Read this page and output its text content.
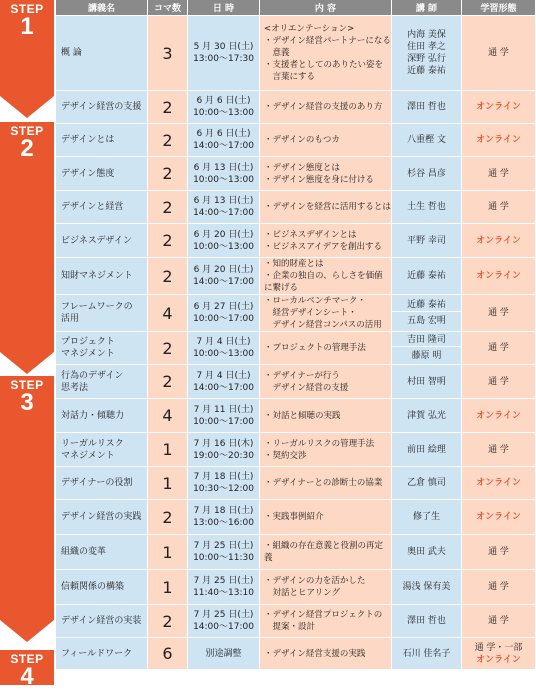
STEP
1
STEP
2
STEP
3
STEP
4
講義名	コマ数	日 時	内 容	講 師	学習形態

概 論	3	5 月 30 日(土)
13:00～17:30	<オリエンテーション>
・デザイン経営パートナーになる
　意義
・支援者としてのありたい姿を
　言葉にする	内海 美保
住田 孝之
深野 弘行
近藤 泰祐	通 学

デザイン経営の支援	2	6 月 6 日(土)
10:00～13:00	・デザイン経営の支援のあり方	澤田 哲也	オンライン

デザインとは	2	6 月 6 日(土)
14:00～17:00	・デザインのもつカ	八重樫 文	オンライン

デザイン態度	2	6 月 13 日(土)
10:00～13:00	・デザイン態度とは
・デザイン態度を身に付ける	杉谷 昌彦	通 学

デザインと経営	2	6 月 13 日(土)
14:00～17:00	・デザインを経営に活用するとは	土生 哲也	通 学

ビジネスデザイン	2	6 月 20 日(土)
10:00～13:00	・ビジネスデザインとは
・ビジネスアイデアを創出する	平野 幸司	オンライン

知財マネジメント	2	6 月 20 日(土)
14:00～17:00	・知的財産とは
・企業の独自の、らしさを価値に繋げる	近藤 泰祐	オンライン

フレームワークの
活用	4	6 月 27 日(土)
10:00～17:00	・ローカルベンチマーク・
　経営デザインシート・
　デザイン経営コンパスの活用	近藤 泰祐
五島 宏明	通 学

プロジェクト
マネジメント	2	7 月 4 日(土)
10:00～13:00	・プロジェクトの管理手法	吉田 隆司
藤原 明	通 学

行為のデザイン
思考法	2	7 月 4 日(土)
14:00～17:00	・デザイナーが行う
　デザイン経営の支援	村田 智明	通 学

対話力・傾聴力	4	7 月 11 日(土)
10:00～17:00	・対話と傾聴の実践	津賀 弘光	オンライン

リーガルリスク
マネジメント	1	7 月 16 日(木)
19:00～20:30	・リーガルリスクの管理手法
・契約交渉	前田 絵理	通 学

デザイナーの役割	1	7 月 18 日(土)
10:30～12:00	・デザイナーとの診断士の協業	乙倉 慎司	オンライン

デザイン経営の実践	2	7 月 18 日(土)
13:00～16:00	・実践事例紹介	修了生	オンライン

組織の変革	1	7 月 25 日(土)
10:00～11:30	・組織の存在意義と役割の再定義	奥田 武夫	通 学

信頼関係の構築	1	7 月 25 日(土)
11:40～13:10	・デザインの力を活かした
　対話とヒアリング	湯浅 保有美	通 学

デザイン経営の実装	2	7 月 25 日(土)
14:00～17:00	・デザイン経営プロジェクトの
　提案・設計	澤田 哲也	通 学

フィールドワーク	6	別途調整	・デザイン経営支援の実践	石川 佳名子	通 学・一部
オンライン
